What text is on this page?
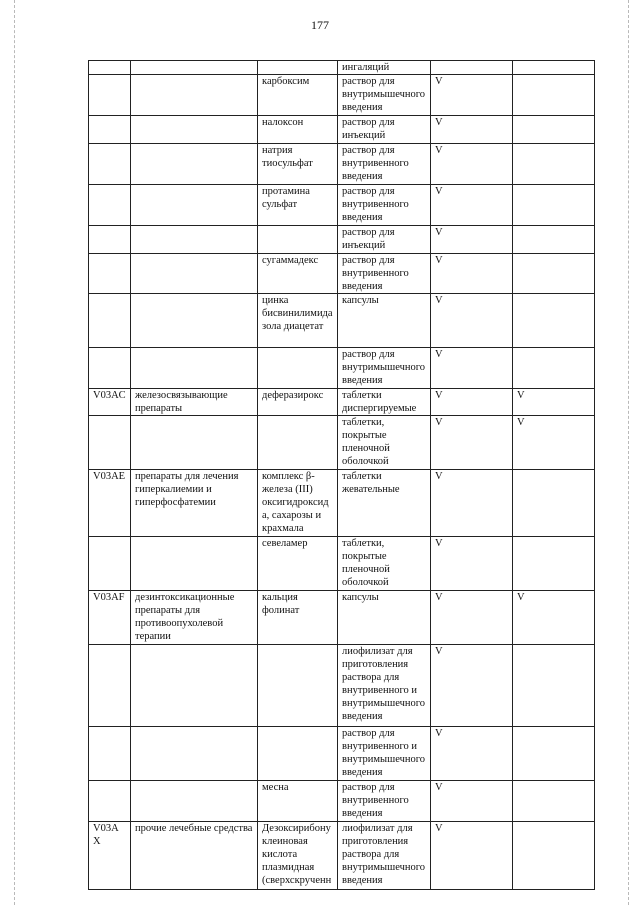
177
			ингаляций		
		карбоксим	раствор для внутримышечного введения	V	
		налоксон	раствор для инъекций	V	
		натрия тиосульфат	раствор для внутривенного введения	V	
		протамина сульфат	раствор для внутривенного введения	V	
			раствор для инъекций	V	
		сугаммадекс	раствор для внутривенного введения	V	
		цинка бисвинилимидазола диацетат	капсулы	V	
			раствор для внутримышечного введения	V	
V03AC	железосвязывающие препараты	деферазирокс	таблетки диспергируемые	V	V
			таблетки, покрытые пленочной оболочкой	V	V
V03AE	препараты для лечения гиперкалиемии и гиперфосфатемии	комплекс β-железа (III) оксигидроксида, сахарозы и крахмала	таблетки жевательные	V	
		севеламер	таблетки, покрытые пленочной оболочкой	V	
V03AF	дезинтоксикационные препараты для противоопухолевой терапии	кальция фолинат	капсулы	V	V
			лиофилизат для приготовления раствора для внутривенного и внутримышечного введения	V	
			раствор для внутривенного и внутримышечного введения	V	
		месна	раствор для внутривенного введения	V	
V03AX	прочие лечебные средства	Дезоксирибонуклеиновая кислота плазмидная (сверхскрученн	лиофилизат для приготовления раствора для внутримышечного введения	V	
